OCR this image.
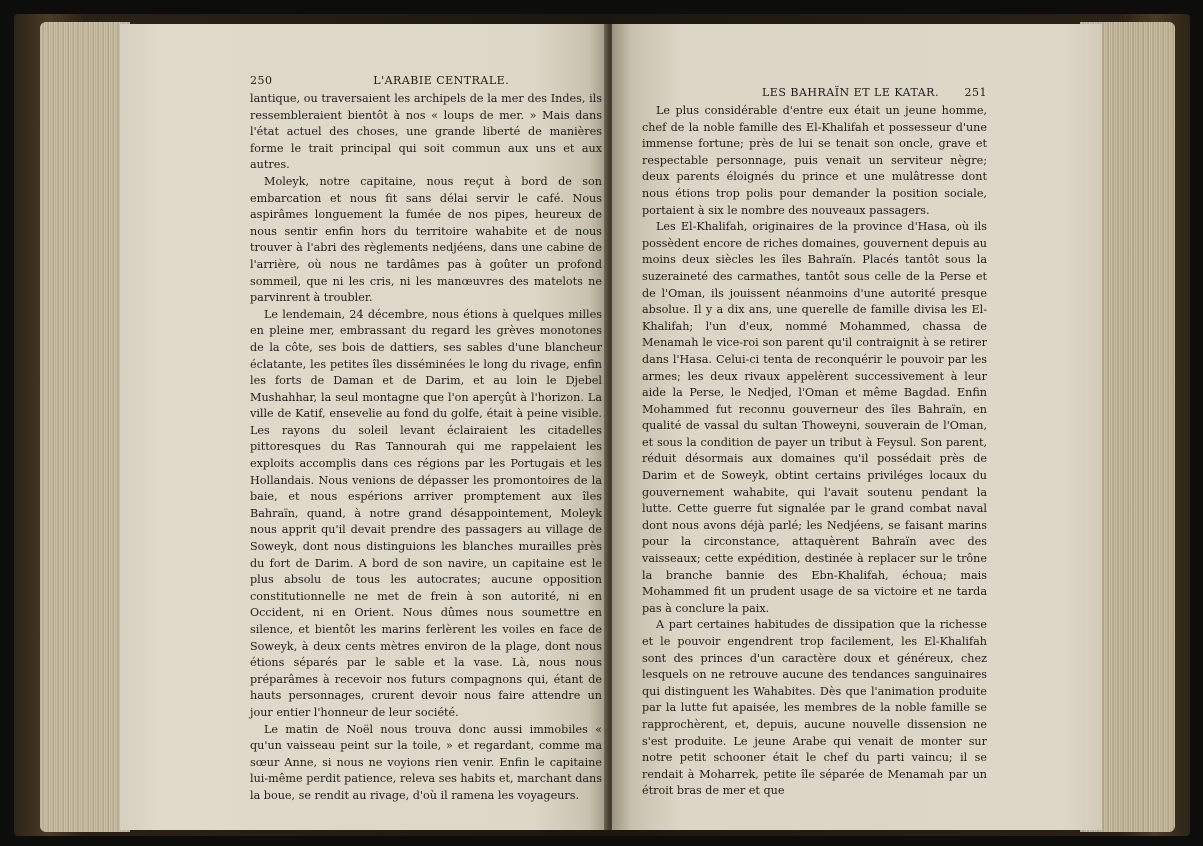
250	L'ARABIE CENTRALE.

lantique, ou traversaient les archipels de la mer des Indes, ils ressembleraient bientôt à nos « loups de mer. » Mais dans l'état actuel des choses, une grande liberté de manières forme le trait principal qui soit commun aux uns et aux autres.

Moleyk, notre capitaine, nous reçut à bord de son embarcation et nous fit sans délai servir le café. Nous aspirâmes longuement la fumée de nos pipes, heureux de nous sentir enfin hors du territoire wahabite et de nous trouver à l'abri des règlements nedjéens, dans une cabine de l'arrière, où nous ne tardâmes pas à goûter un profond sommeil, que ni les cris, ni les manœuvres des matelots ne parvinrent à troubler.

Le lendemain, 24 décembre, nous étions à quelques milles en pleine mer, embrassant du regard les grèves monotones de la côte, ses bois de dattiers, ses sables d'une blancheur éclatante, les petites îles disséminées le long du rivage, enfin les forts de Daman et de Darim, et au loin le Djebel Mushahhar, la seul montagne que l'on aperçût à l'horizon. La ville de Katif, ensevelie au fond du golfe, était à peine visible. Les rayons du soleil levant éclairaient les citadelles pittoresques du Ras Tannourah qui me rappelaient les exploits accomplis dans ces régions par les Portugais et les Hollandais. Nous venions de dépasser les promontoires de la baie, et nous espérions arriver promptement aux îles Bahraïn, quand, à notre grand désappointement, Moleyk nous apprit qu'il devait prendre des passagers au village de Soweyk, dont nous distinguions les blanches murailles près du fort de Darim. A bord de son navire, un capitaine est le plus absolu de tous les autocrates; aucune opposition constitutionnelle ne met de frein à son autorité, ni en Occident, ni en Orient. Nous dûmes nous soumettre en silence, et bientôt les marins ferlèrent les voiles en face de Soweyk, à deux cents mètres environ de la plage, dont nous étions séparés par le sable et la vase. Là, nous nous préparâmes à recevoir nos futurs compagnons qui, étant de hauts personnages, crurent devoir nous faire attendre un jour entier l'honneur de leur société.

Le matin de Noël nous trouva donc aussi immobiles « qu'un vaisseau peint sur la toile, » et regardant, comme ma sœur Anne, si nous ne voyions rien venir. Enfin le capitaine lui-même perdit patience, releva ses habits et, marchant dans la boue, se rendit au rivage, d'où il ramena les voyageurs.

LES BAHRAÏN ET LE KATAR. 251

Le plus considérable d'entre eux était un jeune homme, chef de la noble famille des El-Khalifah et possesseur d'une immense fortune; près de lui se tenait son oncle, grave et respectable personnage, puis venait un serviteur nègre; deux parents éloignés du prince et une mulâtresse dont nous étions trop polis pour demander la position sociale, portaient à six le nombre des nouveaux passagers.

Les El-Khalifah, originaires de la province d'Hasa, où ils possèdent encore de riches domaines, gouvernent depuis au moins deux siècles les îles Bahraïn. Placés tantôt sous la suzeraineté des carmathes, tantôt sous celle de la Perse et de l'Oman, ils jouissent néanmoins d'une autorité presque absolue. Il y a dix ans, une querelle de famille divisa les El-Khalifah; l'un d'eux, nommé Mohammed, chassa de Menamah le vice-roi son parent qu'il contraignit à se retirer dans l'Hasa. Celui-ci tenta de reconquérir le pouvoir par les armes; les deux rivaux appelèrent successivement à leur aide la Perse, le Nedjed, l'Oman et même Bagdad. Enfin Mohammed fut reconnu gouverneur des îles Bahraïn, en qualité de vassal du sultan Thoweyni, souverain de l'Oman, et sous la condition de payer un tribut à Feysul. Son parent, réduit désormais aux domaines qu'il possédait près de Darim et de Soweyk, obtint certains priviléges locaux du gouvernement wahabite, qui l'avait soutenu pendant la lutte. Cette guerre fut signalée par le grand combat naval dont nous avons déjà parlé; les Nedjéens, se faisant marins pour la circonstance, attaquèrent Bahraïn avec des vaisseaux; cette expédition, destinée à replacer sur le trône la branche bannie des Ebn-Khalifah, échoua; mais Mohammed fit un prudent usage de sa victoire et ne tarda pas à conclure la paix.

A part certaines habitudes de dissipation que la richesse et le pouvoir engendrent trop facilement, les El-Khalifah sont des princes d'un caractère doux et généreux, chez lesquels on ne retrouve aucune des tendances sanguinaires qui distinguent les Wahabites. Dès que l'animation produite par la lutte fut apaisée, les membres de la noble famille se rapprochèrent, et, depuis, aucune nouvelle dissension ne s'est produite. Le jeune Arabe qui venait de monter sur notre petit schooner était le chef du parti vaincu; il se rendait à Moharrek, petite île séparée de Menamah par un étroit bras de mer et que
